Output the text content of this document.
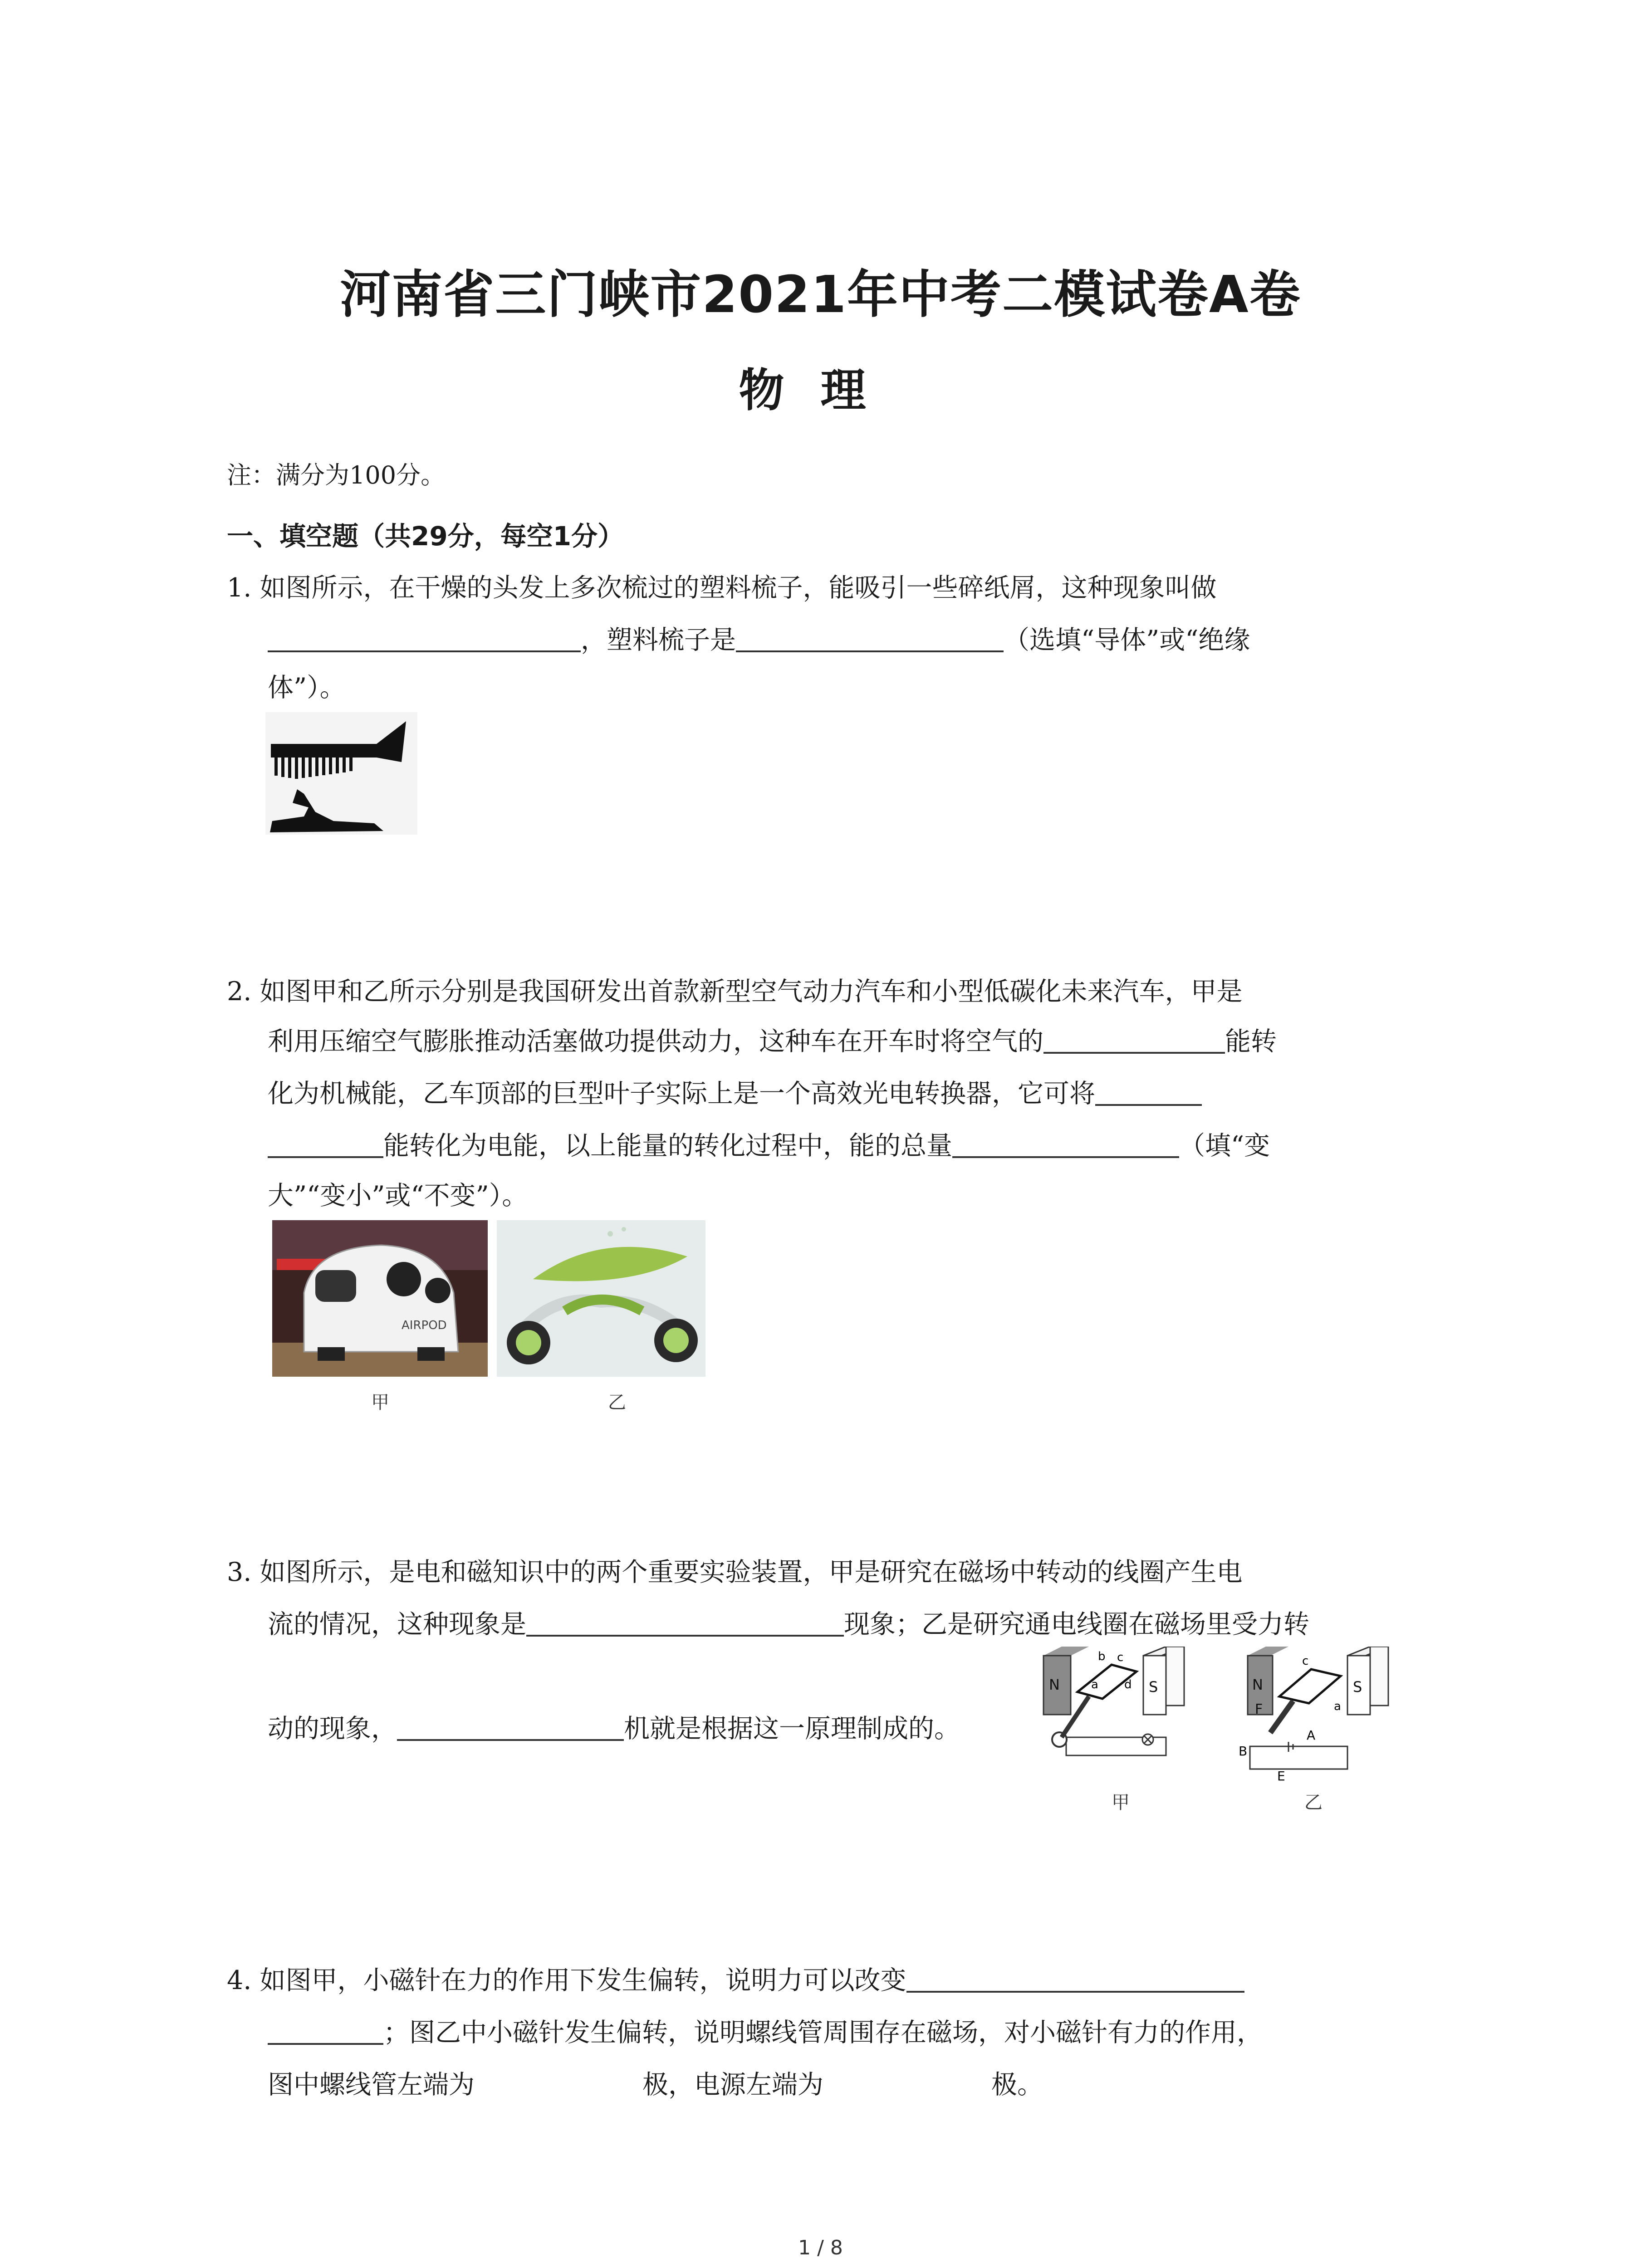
河南省三门峡市2021年中考二模试卷A卷
物理
注：满分为100分。
一、填空题（共29分，每空1分）
1. 如图所示，在干燥的头发上多次梳过的塑料梳子，能吸引一些碎纸屑，这种现象叫做
，塑料梳子是	（选填“导体”或“绝缘
体”）。
2. 如图甲和乙所示分别是我国研发出首款新型空气动力汽车和小型低碳化未来汽车，甲是
利用压缩空气膨胀推动活塞做功提供动力，这种车在开车时将空气的	能转
化为机械能，乙车顶部的巨型叶子实际上是一个高效光电转换器，它可将
能转化为电能，以上能量的转化过程中，能的总量	（填“变
大”“变小”或“不变”）。
AIRPOD
甲	乙
3. 如图所示，是电和磁知识中的两个重要实验装置，甲是研究在磁场中转动的线圈产生电
流的情况，这种现象是	现象；乙是研究通电线圈在磁场里受力转
动的现象，	机就是根据这一原理制成的。
N	S
b c
a d
甲
N	S
F
c
a
A
B
E
乙
4. 如图甲，小磁针在力的作用下发生偏转，说明力可以改变
；图乙中小磁针发生偏转，说明螺线管周围存在磁场，对小磁针有力的作用，
图中螺线管左端为	极，电源左端为	极。
1 / 8
